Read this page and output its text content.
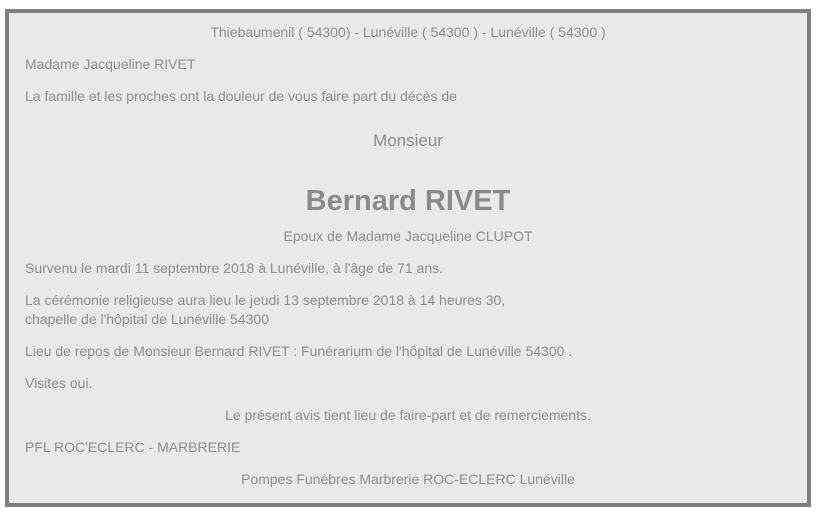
Thiebaumenil ( 54300) - Lunéville ( 54300 ) - Lunéville ( 54300 )

Madame Jacqueline RIVET

La famille et les proches ont la douleur de vous faire part du décès de

Monsieur

Bernard RIVET

Epoux de Madame Jacqueline CLUPOT

Survenu le mardi 11 septembre 2018 à Lunéville, à l'âge de 71 ans.

La cérémonie religieuse aura lieu le jeudi 13 septembre 2018 à 14 heures 30,
chapelle de l'hôpital de Lunéville 54300

Lieu de repos de Monsieur Bernard RIVET : Funérarium de l'hôpital de Lunéville 54300 .

Visites oui.

Le présent avis tient lieu de faire-part et de remerciements.

PFL ROC'ECLERC - MARBRERIE

Pompes Funèbres Marbrerie ROC-ECLERC Lunéville
